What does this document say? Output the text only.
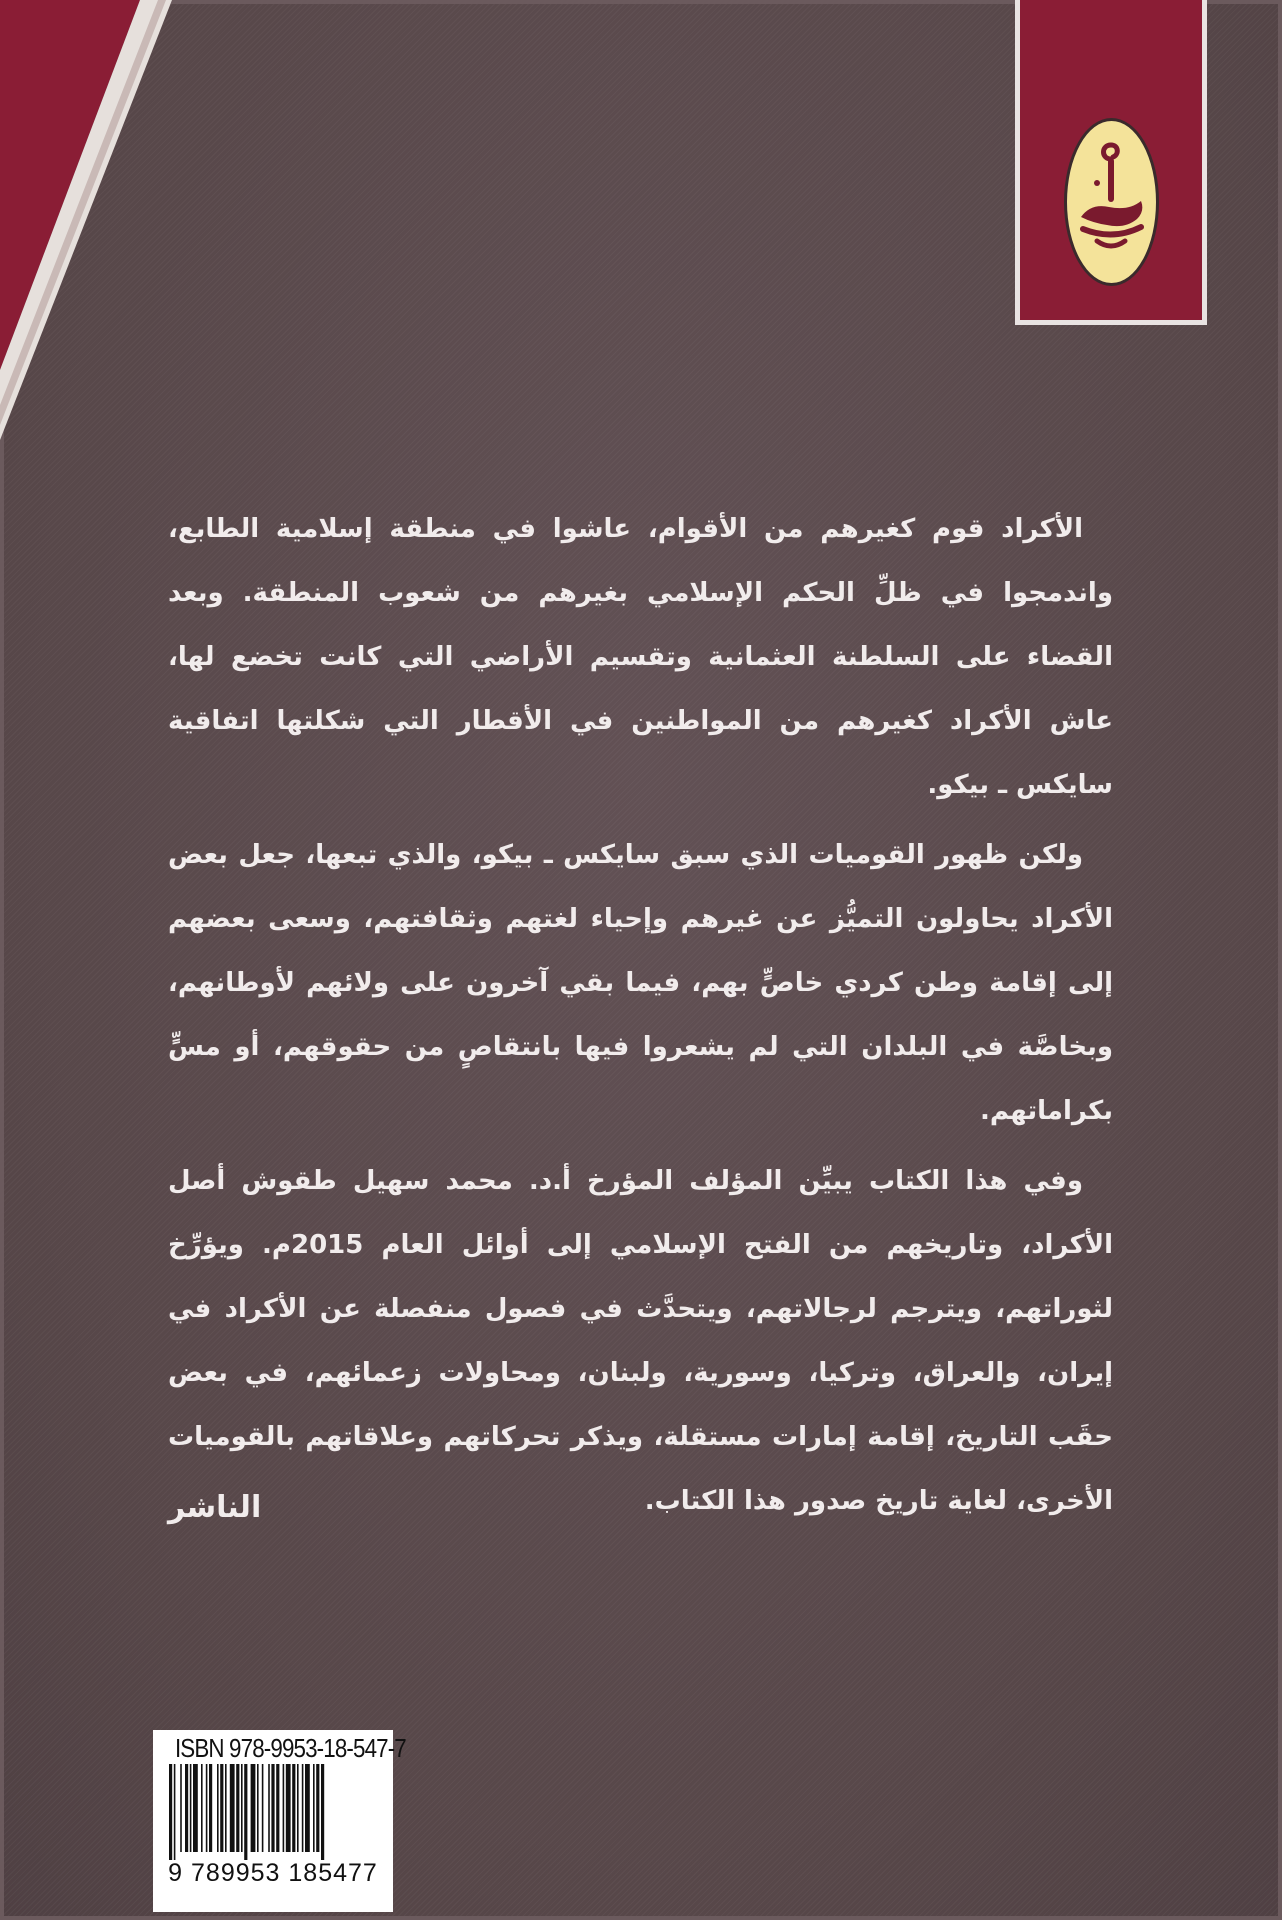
الأكراد قوم كغيرهم من الأقوام، عاشوا في منطقة إسلامية الطابع، واندمجوا في ظلِّ الحكم الإسلامي بغيرهم من شعوب المنطقة. وبعد القضاء على السلطنة العثمانية وتقسيم الأراضي التي كانت تخضع لها، عاش الأكراد كغيرهم من المواطنين في الأقطار التي شكلتها اتفاقية سايكس ـ بيكو.

ولكن ظهور القوميات الذي سبق سايكس ـ بيكو، والذي تبعها، جعل بعض الأكراد يحاولون التميُّز عن غيرهم وإحياء لغتهم وثقافتهم، وسعى بعضهم إلى إقامة وطن كردي خاصٍّ بهم، فيما بقي آخرون على ولائهم لأوطانهم، وبخاصَّة في البلدان التي لم يشعروا فيها بانتقاصٍ من حقوقهم، أو مسٍّ بكراماتهم.

وفي هذا الكتاب يبيِّن المؤلف المؤرخ أ.د. محمد سهيل طقوش أصل الأكراد، وتاريخهم من الفتح الإسلامي إلى أوائل العام 2015م. ويؤرِّخ لثوراتهم، ويترجم لرجالاتهم، ويتحدَّث في فصول منفصلة عن الأكراد في إيران، والعراق، وتركيا، وسورية، ولبنان، ومحاولات زعمائهم، في بعض حقَب التاريخ، إقامة إمارات مستقلة، ويذكر تحركاتهم وعلاقاتهم بالقوميات الأخرى، لغاية تاريخ صدور هذا الكتاب.

الناشر
ISBN 978-9953-18-547-7
9 789953 185477
